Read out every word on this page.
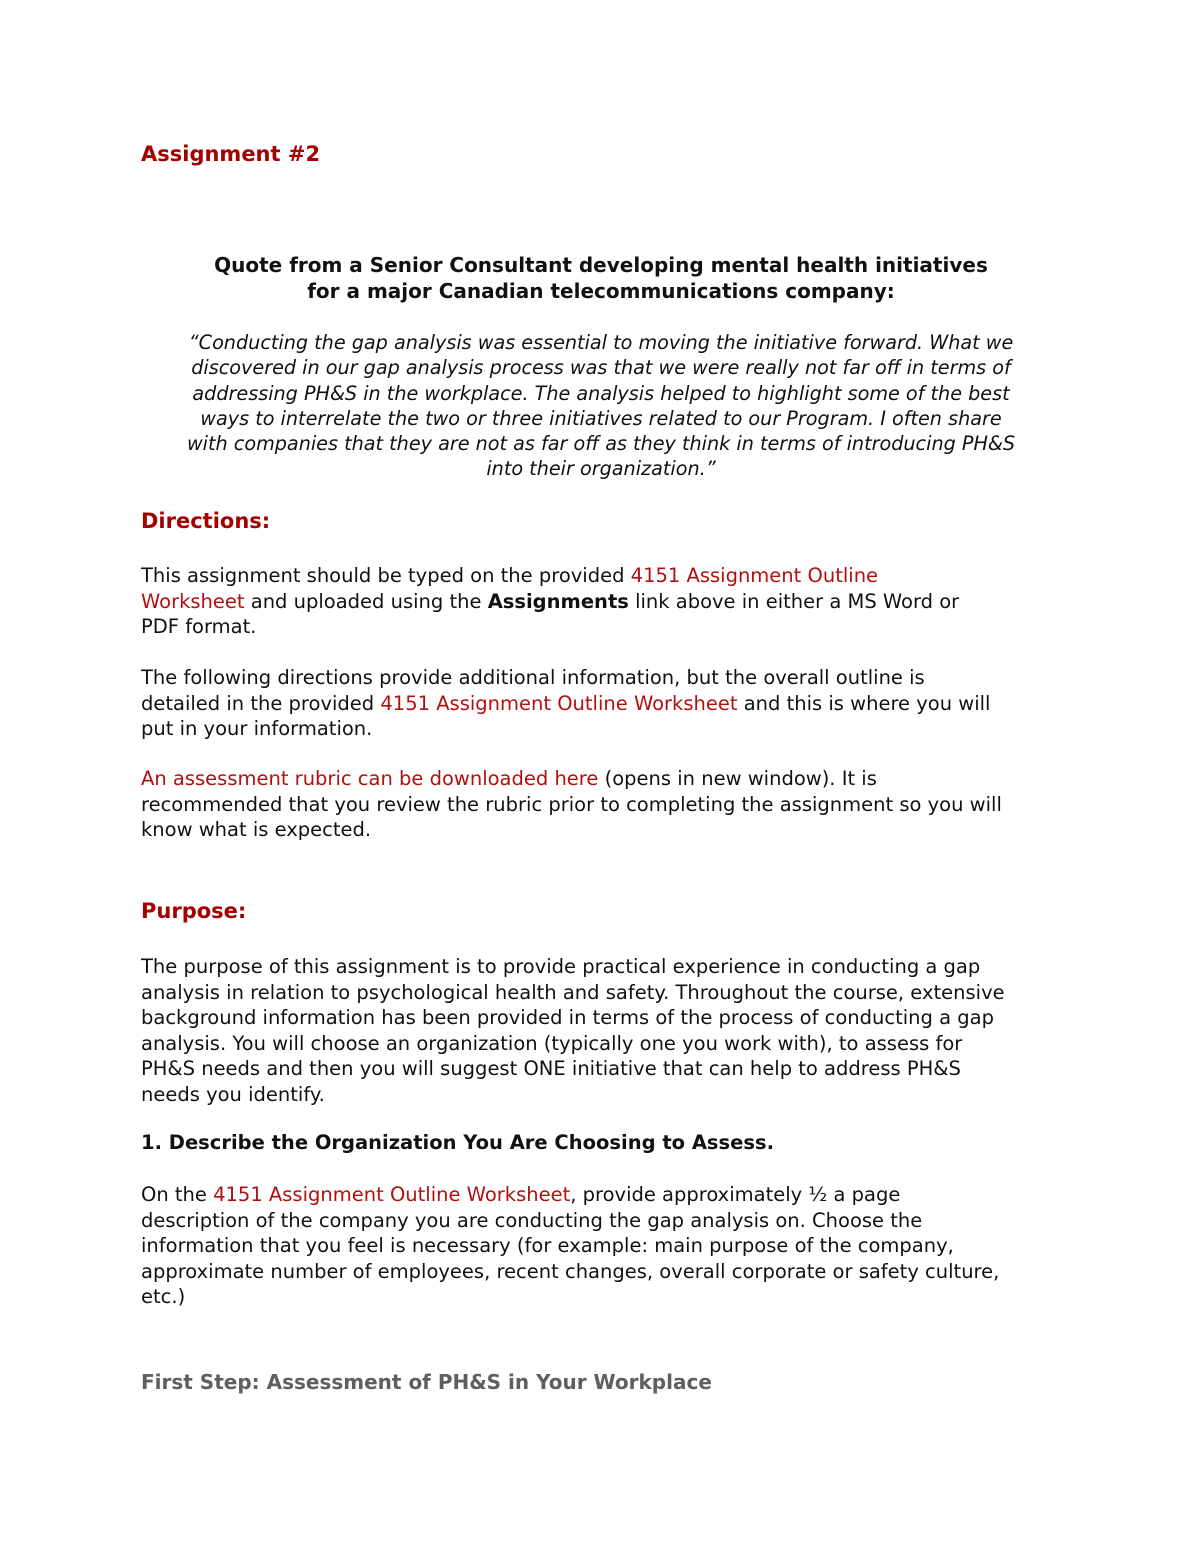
Assignment #2
Quote from a Senior Consultant developing mental health initiatives
for a major Canadian telecommunications company:
“Conducting the gap analysis was essential to moving the initiative forward. What we
discovered in our gap analysis process was that we were really not far off in terms of
addressing PH&S in the workplace. The analysis helped to highlight some of the best
ways to interrelate the two or three initiatives related to our Program. I often share
with companies that they are not as far off as they think in terms of introducing PH&S
into their organization.”
Directions:
This assignment should be typed on the provided 4151 Assignment Outline
Worksheet and uploaded using the Assignments link above in either a MS Word or
PDF format.
The following directions provide additional information, but the overall outline is
detailed in the provided 4151 Assignment Outline Worksheet and this is where you will
put in your information.
An assessment rubric can be downloaded here (opens in new window). It is
recommended that you review the rubric prior to completing the assignment so you will
know what is expected.
Purpose:
The purpose of this assignment is to provide practical experience in conducting a gap
analysis in relation to psychological health and safety. Throughout the course, extensive
background information has been provided in terms of the process of conducting a gap
analysis. You will choose an organization (typically one you work with), to assess for
PH&S needs and then you will suggest ONE initiative that can help to address PH&S
needs you identify.
1. Describe the Organization You Are Choosing to Assess.
On the 4151 Assignment Outline Worksheet, provide approximately ½ a page
description of the company you are conducting the gap analysis on. Choose the
information that you feel is necessary (for example: main purpose of the company,
approximate number of employees, recent changes, overall corporate or safety culture,
etc.)
First Step: Assessment of PH&S in Your Workplace
